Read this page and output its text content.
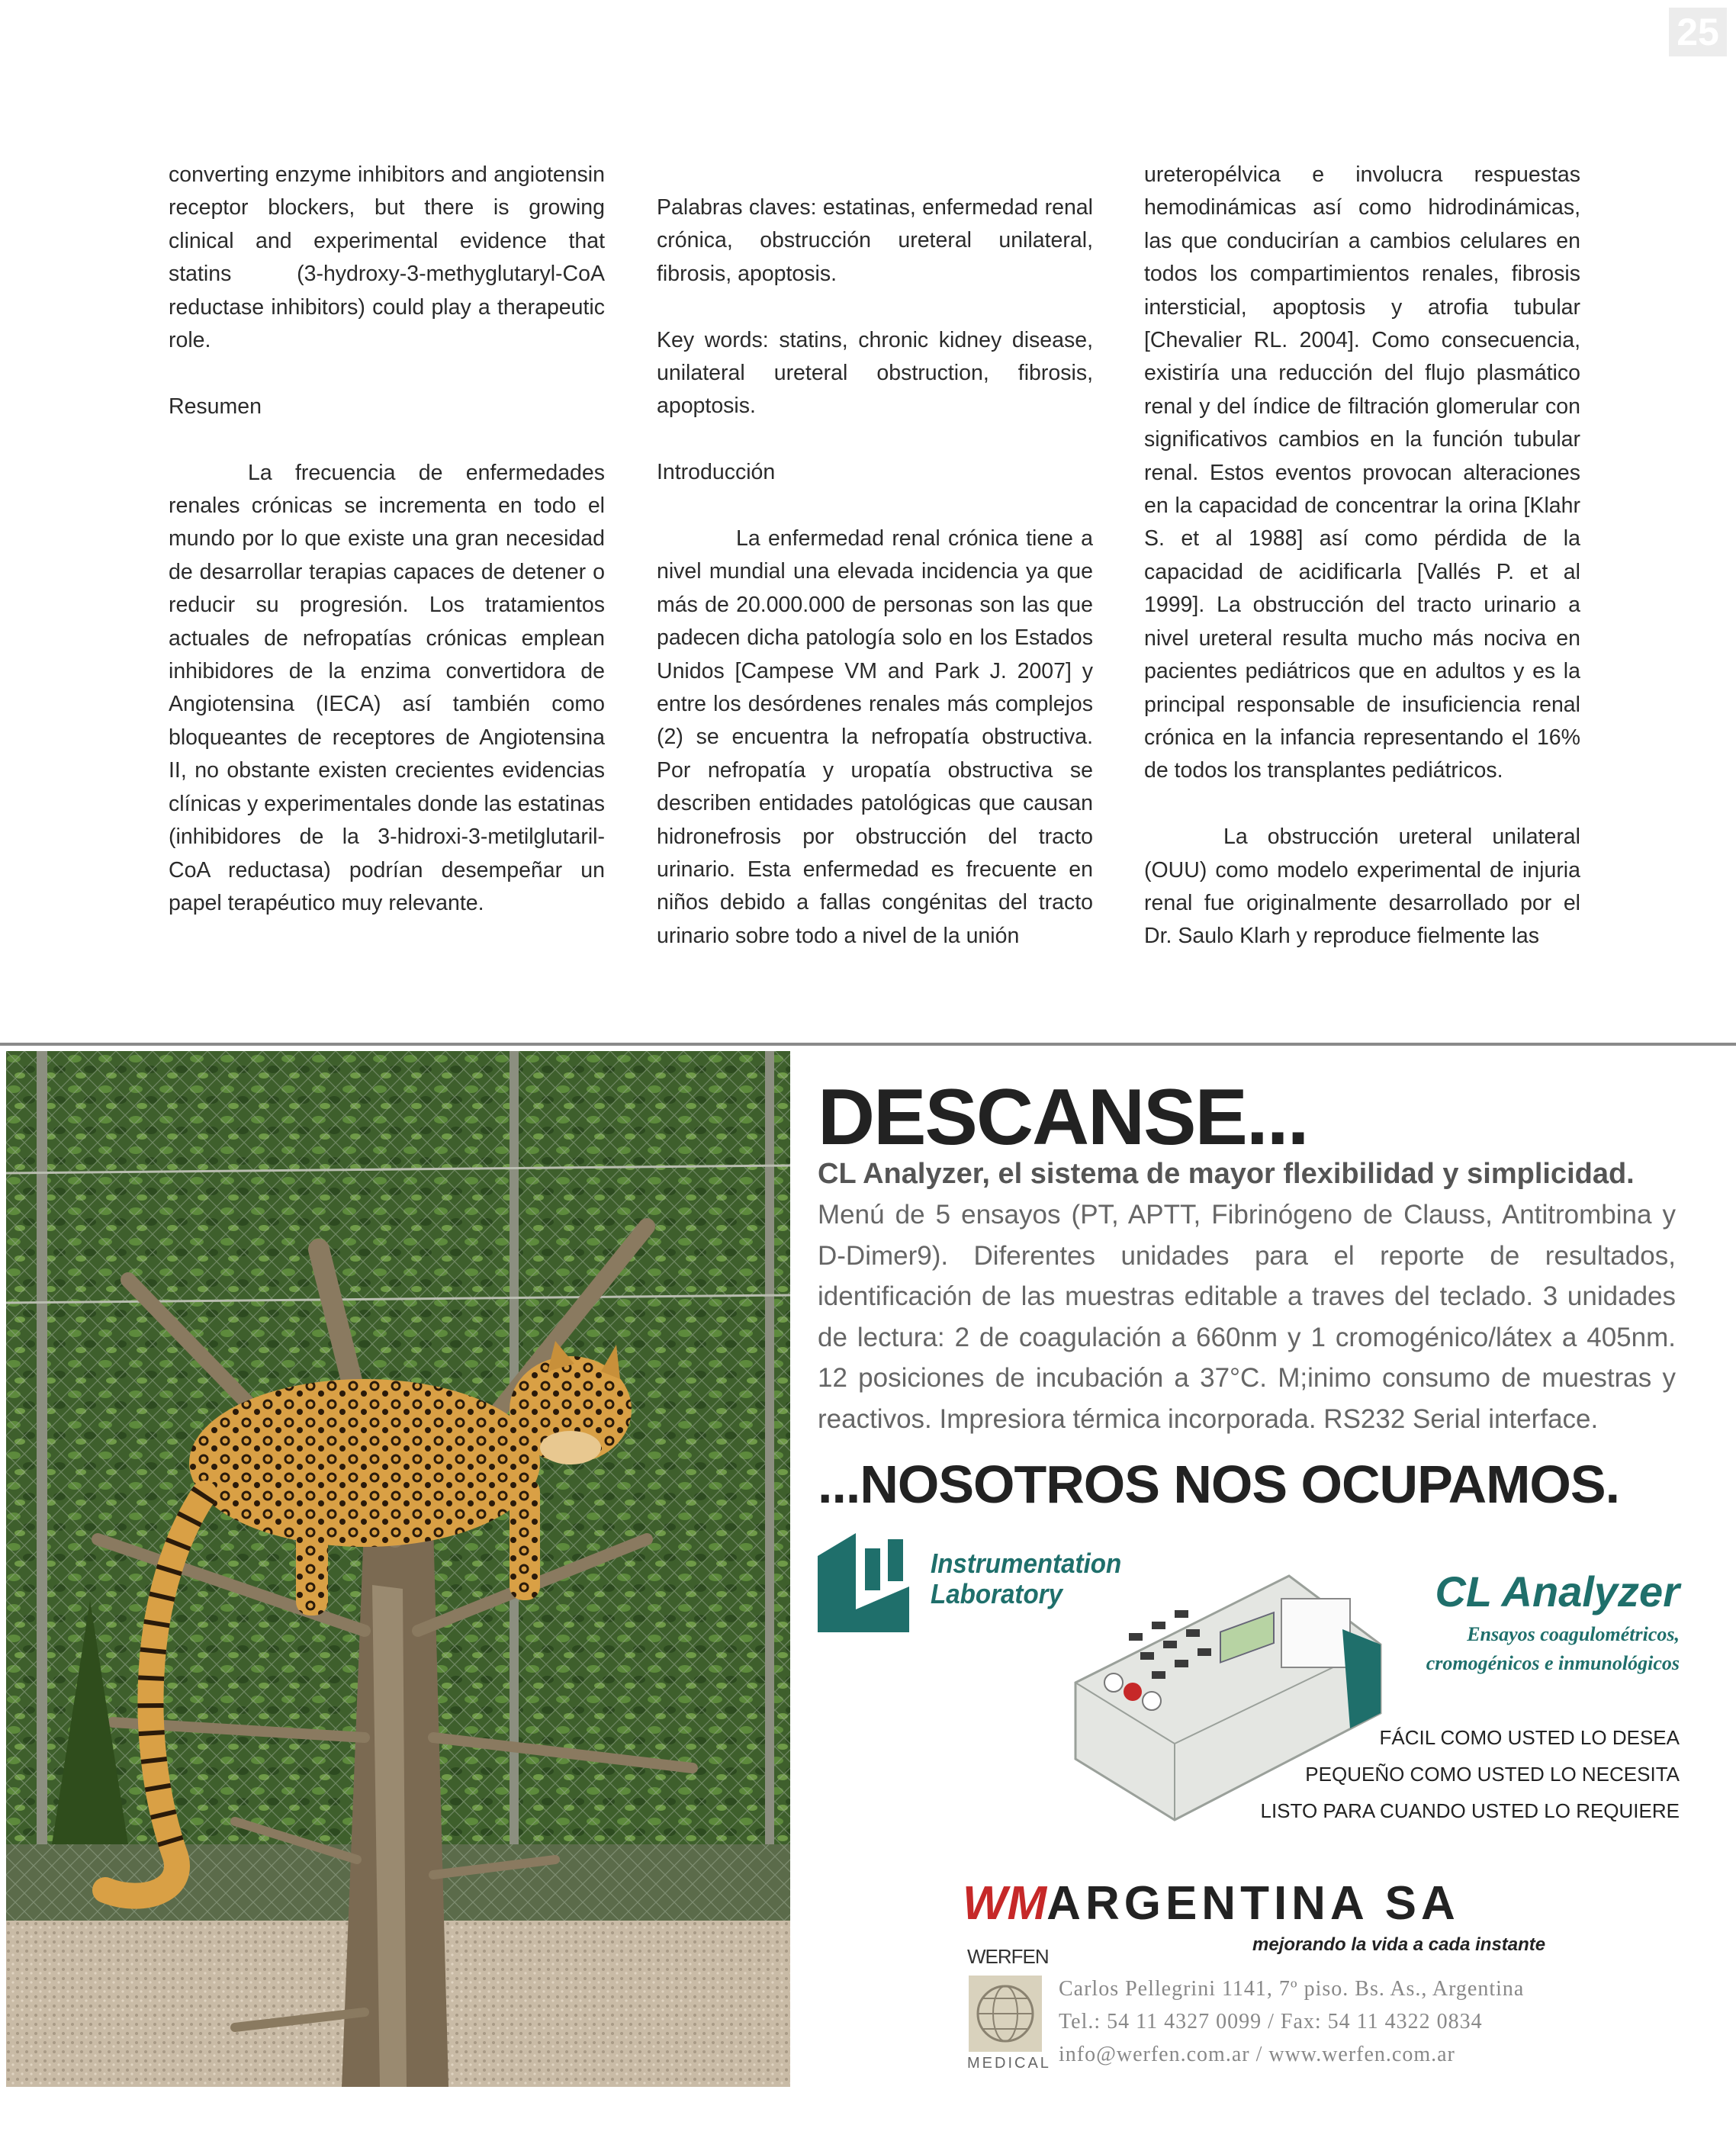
25

converting enzyme inhibitors and angiotensin receptor blockers, but there is growing clinical and experimental evidence that statins (3-hydroxy-3-methyglutaryl-CoA reductase inhibitors) could play a therapeutic role.

Resumen

La frecuencia de enfermedades renales crónicas se incrementa en todo el mundo por lo que existe una gran necesidad de desarrollar terapias capaces de detener o reducir su progresión. Los tratamientos actuales de nefropatías crónicas emplean inhibidores de la enzima convertidora de Angiotensina (IECA) así también como bloqueantes de receptores de Angiotensina II, no obstante existen crecientes evidencias clínicas y experimentales donde las estatinas (inhibidores de la 3-hidroxi-3-metilglutaril-CoA reductasa) podrían desempeñar un papel terapéutico muy relevante.

Palabras claves: estatinas, enfermedad renal crónica, obstrucción ureteral unilateral, fibrosis, apoptosis.

Key words: statins, chronic kidney disease, unilateral ureteral obstruction, fibrosis, apoptosis.

Introducción

La enfermedad renal crónica tiene a nivel mundial una elevada incidencia ya que más de 20.000.000 de personas son las que padecen dicha patología solo en los Estados Unidos [Campese VM and Park J. 2007] y entre los desórdenes renales más complejos (2) se encuentra la nefropatía obstructiva. Por nefropatía y uropatía obstructiva se describen entidades patológicas que causan hidronefrosis por obstrucción del tracto urinario. Esta enfermedad es frecuente en niños debido a fallas congénitas del tracto urinario sobre todo a nivel de la unión

ureteropélvica e involucra respuestas hemodinámicas así como hidrodinámicas, las que conducirían a cambios celulares en todos los compartimientos renales, fibrosis intersticial, apoptosis y atrofia tubular [Chevalier RL. 2004]. Como consecuencia, existiría una reducción del flujo plasmático renal y del índice de filtración glomerular con significativos cambios en la función tubular renal. Estos eventos provocan alteraciones en la capacidad de concentrar la orina [Klahr S. et al 1988] así como pérdida de la capacidad de acidificarla [Vallés P. et al 1999]. La obstrucción del tracto urinario a nivel ureteral resulta mucho más nociva en pacientes pediátricos que en adultos y es la principal responsable de insuficiencia renal crónica en la infancia representando el 16% de todos los transplantes pediátricos.

La obstrucción ureteral unilateral (OUU) como modelo experimental de injuria renal fue originalmente desarrollado por el Dr. Saulo Klarh y reproduce fielmente las

DESCANSE...
CL Analyzer, el sistema de mayor flexibilidad y simplicidad.
Menú de 5 ensayos (PT, APTT, Fibrinógeno de Clauss, Antitrombina y D-Dimer9). Diferentes unidades para el reporte de resultados, identificación de las muestras editable a traves del teclado. 3 unidades de lectura: 2 de coagulación a 660nm y 1 cromogénico/látex a 405nm. 12 posiciones de incubación a 37°C. M;inimo consumo de muestras y reactivos. Impresiora térmica incorporada. RS232 Serial interface.
...NOSOTROS NOS OCUPAMOS.
Instrumentation
Laboratory	CL Analyzer
Ensayos coagulométricos,
cromogénicos e inmunológicos
FÁCIL COMO USTED LO DESEA
PEQUEÑO COMO USTED LO NECESITA
LISTO PARA CUANDO USTED LO REQUIERE
WMARGENTINA SA
mejorando la vida a cada instante
WERFEN
MEDICAL
Carlos Pellegrini 1141, 7º piso. Bs. As., Argentina
Tel.: 54 11 4327 0099 / Fax: 54 11 4322 0834
info@werfen.com.ar / www.werfen.com.ar
